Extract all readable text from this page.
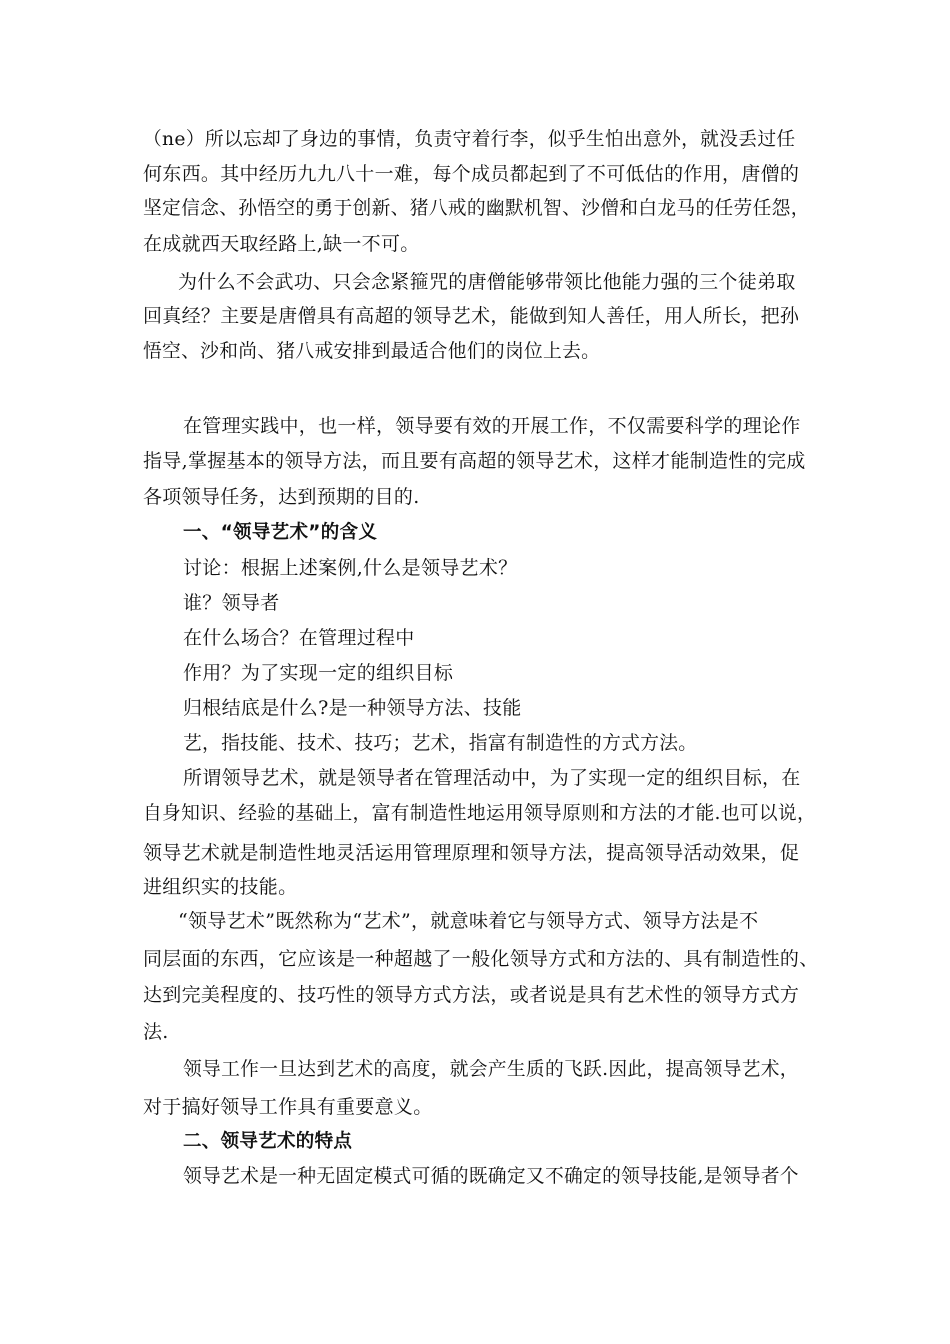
（ne）所以忘却了身边的事情，负责守着行李，似乎生怕出意外，就没丢过任
何东西。其中经历九九八十一难，每个成员都起到了不可低估的作用，唐僧的
坚定信念、孙悟空的勇于创新、猪八戒的幽默机智、沙僧和白龙马的任劳任怨，
在成就西天取经路上,缺一不可。
为什么不会武功、只会念紧箍咒的唐僧能够带领比他能力强的三个徒弟取
回真经？主要是唐僧具有高超的领导艺术，能做到知人善任，用人所长，把孙
悟空、沙和尚、猪八戒安排到最适合他们的岗位上去。
在管理实践中，也一样，领导要有效的开展工作，不仅需要科学的理论作
指导,掌握基本的领导方法，而且要有高超的领导艺术，这样才能制造性的完成
各项领导任务，达到预期的目的.
一、“领导艺术”的含义
讨论：根据上述案例,什么是领导艺术？
谁？领导者
在什么场合？在管理过程中
作用？为了实现一定的组织目标
归根结底是什么?是一种领导方法、技能
艺，指技能、技术、技巧；艺术，指富有制造性的方式方法。
所谓领导艺术，就是领导者在管理活动中，为了实现一定的组织目标，在
自身知识、经验的基础上，富有制造性地运用领导原则和方法的才能.也可以说，
领导艺术就是制造性地灵活运用管理原理和领导方法，提高领导活动效果，促
进组织实的技能。
“领导艺术”既然称为“艺术”，就意味着它与领导方式、领导方法是不
同层面的东西，它应该是一种超越了一般化领导方式和方法的、具有制造性的、
达到完美程度的、技巧性的领导方式方法，或者说是具有艺术性的领导方式方
法.
领导工作一旦达到艺术的高度，就会产生质的飞跃.因此，提高领导艺术，
对于搞好领导工作具有重要意义。
二、领导艺术的特点
领导艺术是一种无固定模式可循的既确定又不确定的领导技能,是领导者个
